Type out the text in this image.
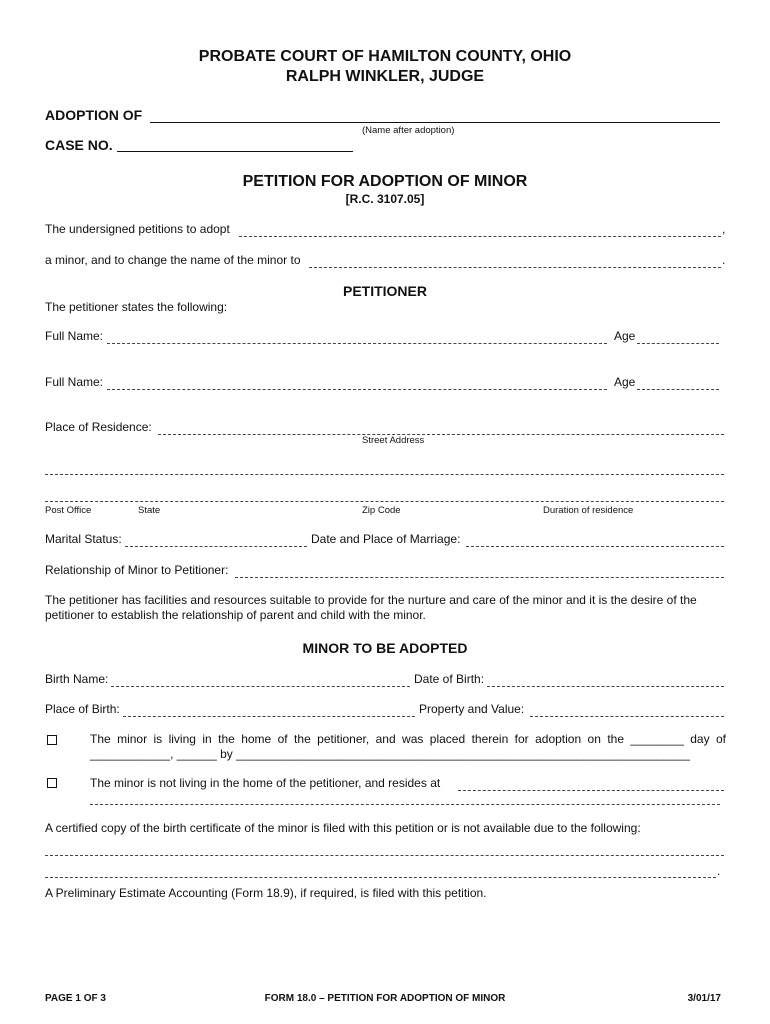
PROBATE COURT OF HAMILTON COUNTY, OHIO
RALPH WINKLER, JUDGE
ADOPTION OF
(Name after adoption)
CASE NO.
PETITION FOR ADOPTION OF MINOR
[R.C. 3107.05]
The undersigned petitions to adopt	,
a minor, and to change the name of the minor to	.
PETITIONER
The petitioner states the following:
Full Name:	Age
Full Name:	Age
Place of Residence:
Street Address
Post Office	State	Zip Code	Duration of residence
Marital Status:	Date and Place of Marriage:
Relationship of Minor to Petitioner:
The petitioner has facilities and resources suitable to provide for the nurture and care of the minor and it is the desire of the petitioner to establish the relationship of parent and child with the minor.
MINOR TO BE ADOPTED
Birth Name:	Date of Birth:
Place of Birth:	Property and Value:
The minor is living in the home of the petitioner, and was placed therein for adoption on the ________ day of
____________, ______ by ____________________________________________________________________
The minor is not living in the home of the petitioner, and resides at
A certified copy of the birth certificate of the minor is filed with this petition or is not available due to the following:
.
A Preliminary Estimate Accounting (Form 18.9), if required, is filed with this petition.
PAGE 1 OF 3	FORM 18.0 – PETITION FOR ADOPTION OF MINOR	3/01/17
